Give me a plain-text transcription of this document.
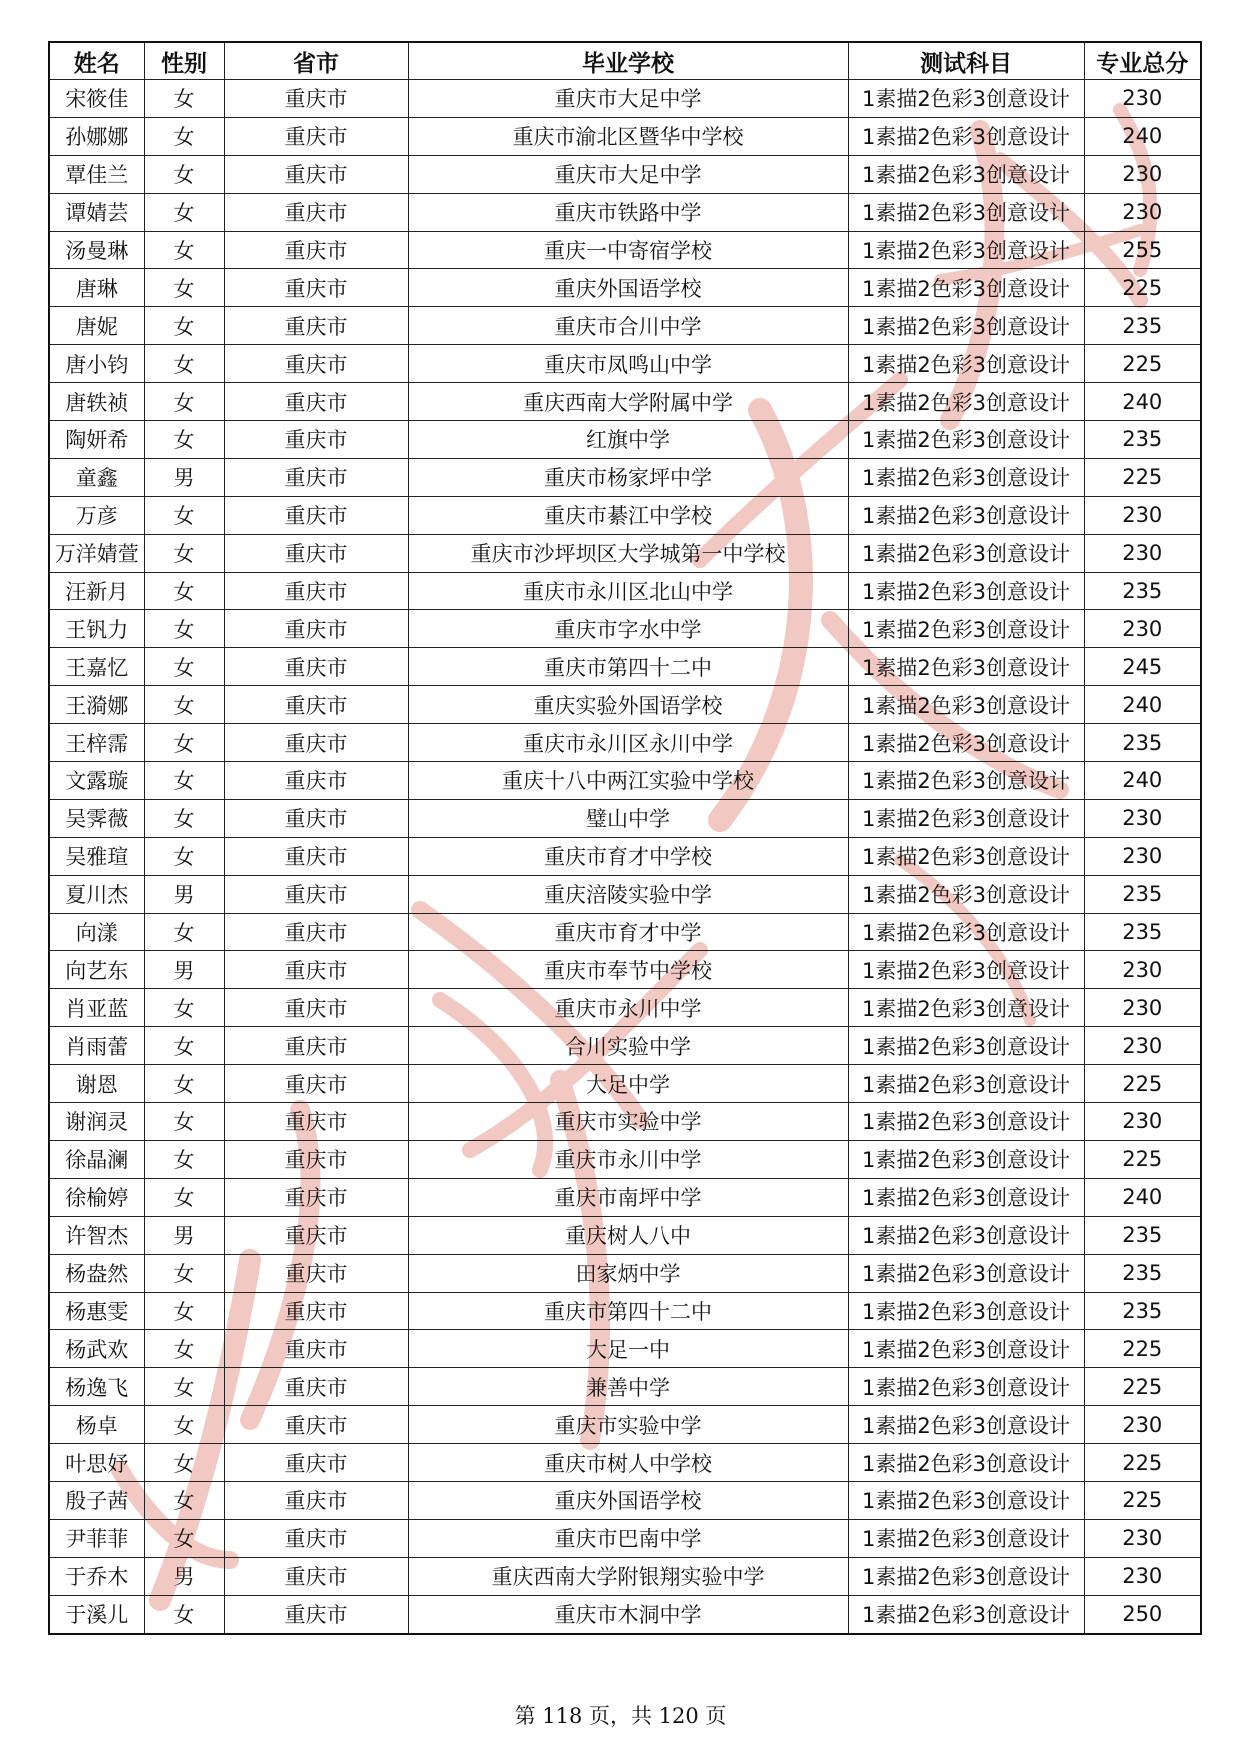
姓名	性别	省市	毕业学校	测试科目	专业总分
宋筱佳	女	重庆市	重庆市大足中学	1素描2色彩3创意设计	230
孙娜娜	女	重庆市	重庆市渝北区暨华中学校	1素描2色彩3创意设计	240
覃佳兰	女	重庆市	重庆市大足中学	1素描2色彩3创意设计	230
谭婧芸	女	重庆市	重庆市铁路中学	1素描2色彩3创意设计	230
汤曼琳	女	重庆市	重庆一中寄宿学校	1素描2色彩3创意设计	255
唐琳	女	重庆市	重庆外国语学校	1素描2色彩3创意设计	225
唐妮	女	重庆市	重庆市合川中学	1素描2色彩3创意设计	235
唐小钧	女	重庆市	重庆市凤鸣山中学	1素描2色彩3创意设计	225
唐轶祯	女	重庆市	重庆西南大学附属中学	1素描2色彩3创意设计	240
陶妍希	女	重庆市	红旗中学	1素描2色彩3创意设计	235
童鑫	男	重庆市	重庆市杨家坪中学	1素描2色彩3创意设计	225
万彦	女	重庆市	重庆市綦江中学校	1素描2色彩3创意设计	230
万洋婧萱	女	重庆市	重庆市沙坪坝区大学城第一中学校	1素描2色彩3创意设计	230
汪新月	女	重庆市	重庆市永川区北山中学	1素描2色彩3创意设计	235
王钒力	女	重庆市	重庆市字水中学	1素描2色彩3创意设计	230
王嘉忆	女	重庆市	重庆市第四十二中	1素描2色彩3创意设计	245
王漪娜	女	重庆市	重庆实验外国语学校	1素描2色彩3创意设计	240
王梓霈	女	重庆市	重庆市永川区永川中学	1素描2色彩3创意设计	235
文露璇	女	重庆市	重庆十八中两江实验中学校	1素描2色彩3创意设计	240
吴霁薇	女	重庆市	璧山中学	1素描2色彩3创意设计	230
吴雅瑄	女	重庆市	重庆市育才中学校	1素描2色彩3创意设计	230
夏川杰	男	重庆市	重庆涪陵实验中学	1素描2色彩3创意设计	235
向漾	女	重庆市	重庆市育才中学	1素描2色彩3创意设计	235
向艺东	男	重庆市	重庆市奉节中学校	1素描2色彩3创意设计	230
肖亚蓝	女	重庆市	重庆市永川中学	1素描2色彩3创意设计	230
肖雨蕾	女	重庆市	合川实验中学	1素描2色彩3创意设计	230
谢恩	女	重庆市	大足中学	1素描2色彩3创意设计	225
谢润灵	女	重庆市	重庆市实验中学	1素描2色彩3创意设计	230
徐晶澜	女	重庆市	重庆市永川中学	1素描2色彩3创意设计	225
徐榆婷	女	重庆市	重庆市南坪中学	1素描2色彩3创意设计	240
许智杰	男	重庆市	重庆树人八中	1素描2色彩3创意设计	235
杨盎然	女	重庆市	田家炳中学	1素描2色彩3创意设计	235
杨惠雯	女	重庆市	重庆市第四十二中	1素描2色彩3创意设计	235
杨武欢	女	重庆市	大足一中	1素描2色彩3创意设计	225
杨逸飞	女	重庆市	兼善中学	1素描2色彩3创意设计	225
杨卓	女	重庆市	重庆市实验中学	1素描2色彩3创意设计	230
叶思妤	女	重庆市	重庆市树人中学校	1素描2色彩3创意设计	225
殷子茜	女	重庆市	重庆外国语学校	1素描2色彩3创意设计	225
尹菲菲	女	重庆市	重庆市巴南中学	1素描2色彩3创意设计	230
于乔木	男	重庆市	重庆西南大学附银翔实验中学	1素描2色彩3创意设计	230
于溪儿	女	重庆市	重庆市木洞中学	1素描2色彩3创意设计	250
第 118 页，共 120 页
